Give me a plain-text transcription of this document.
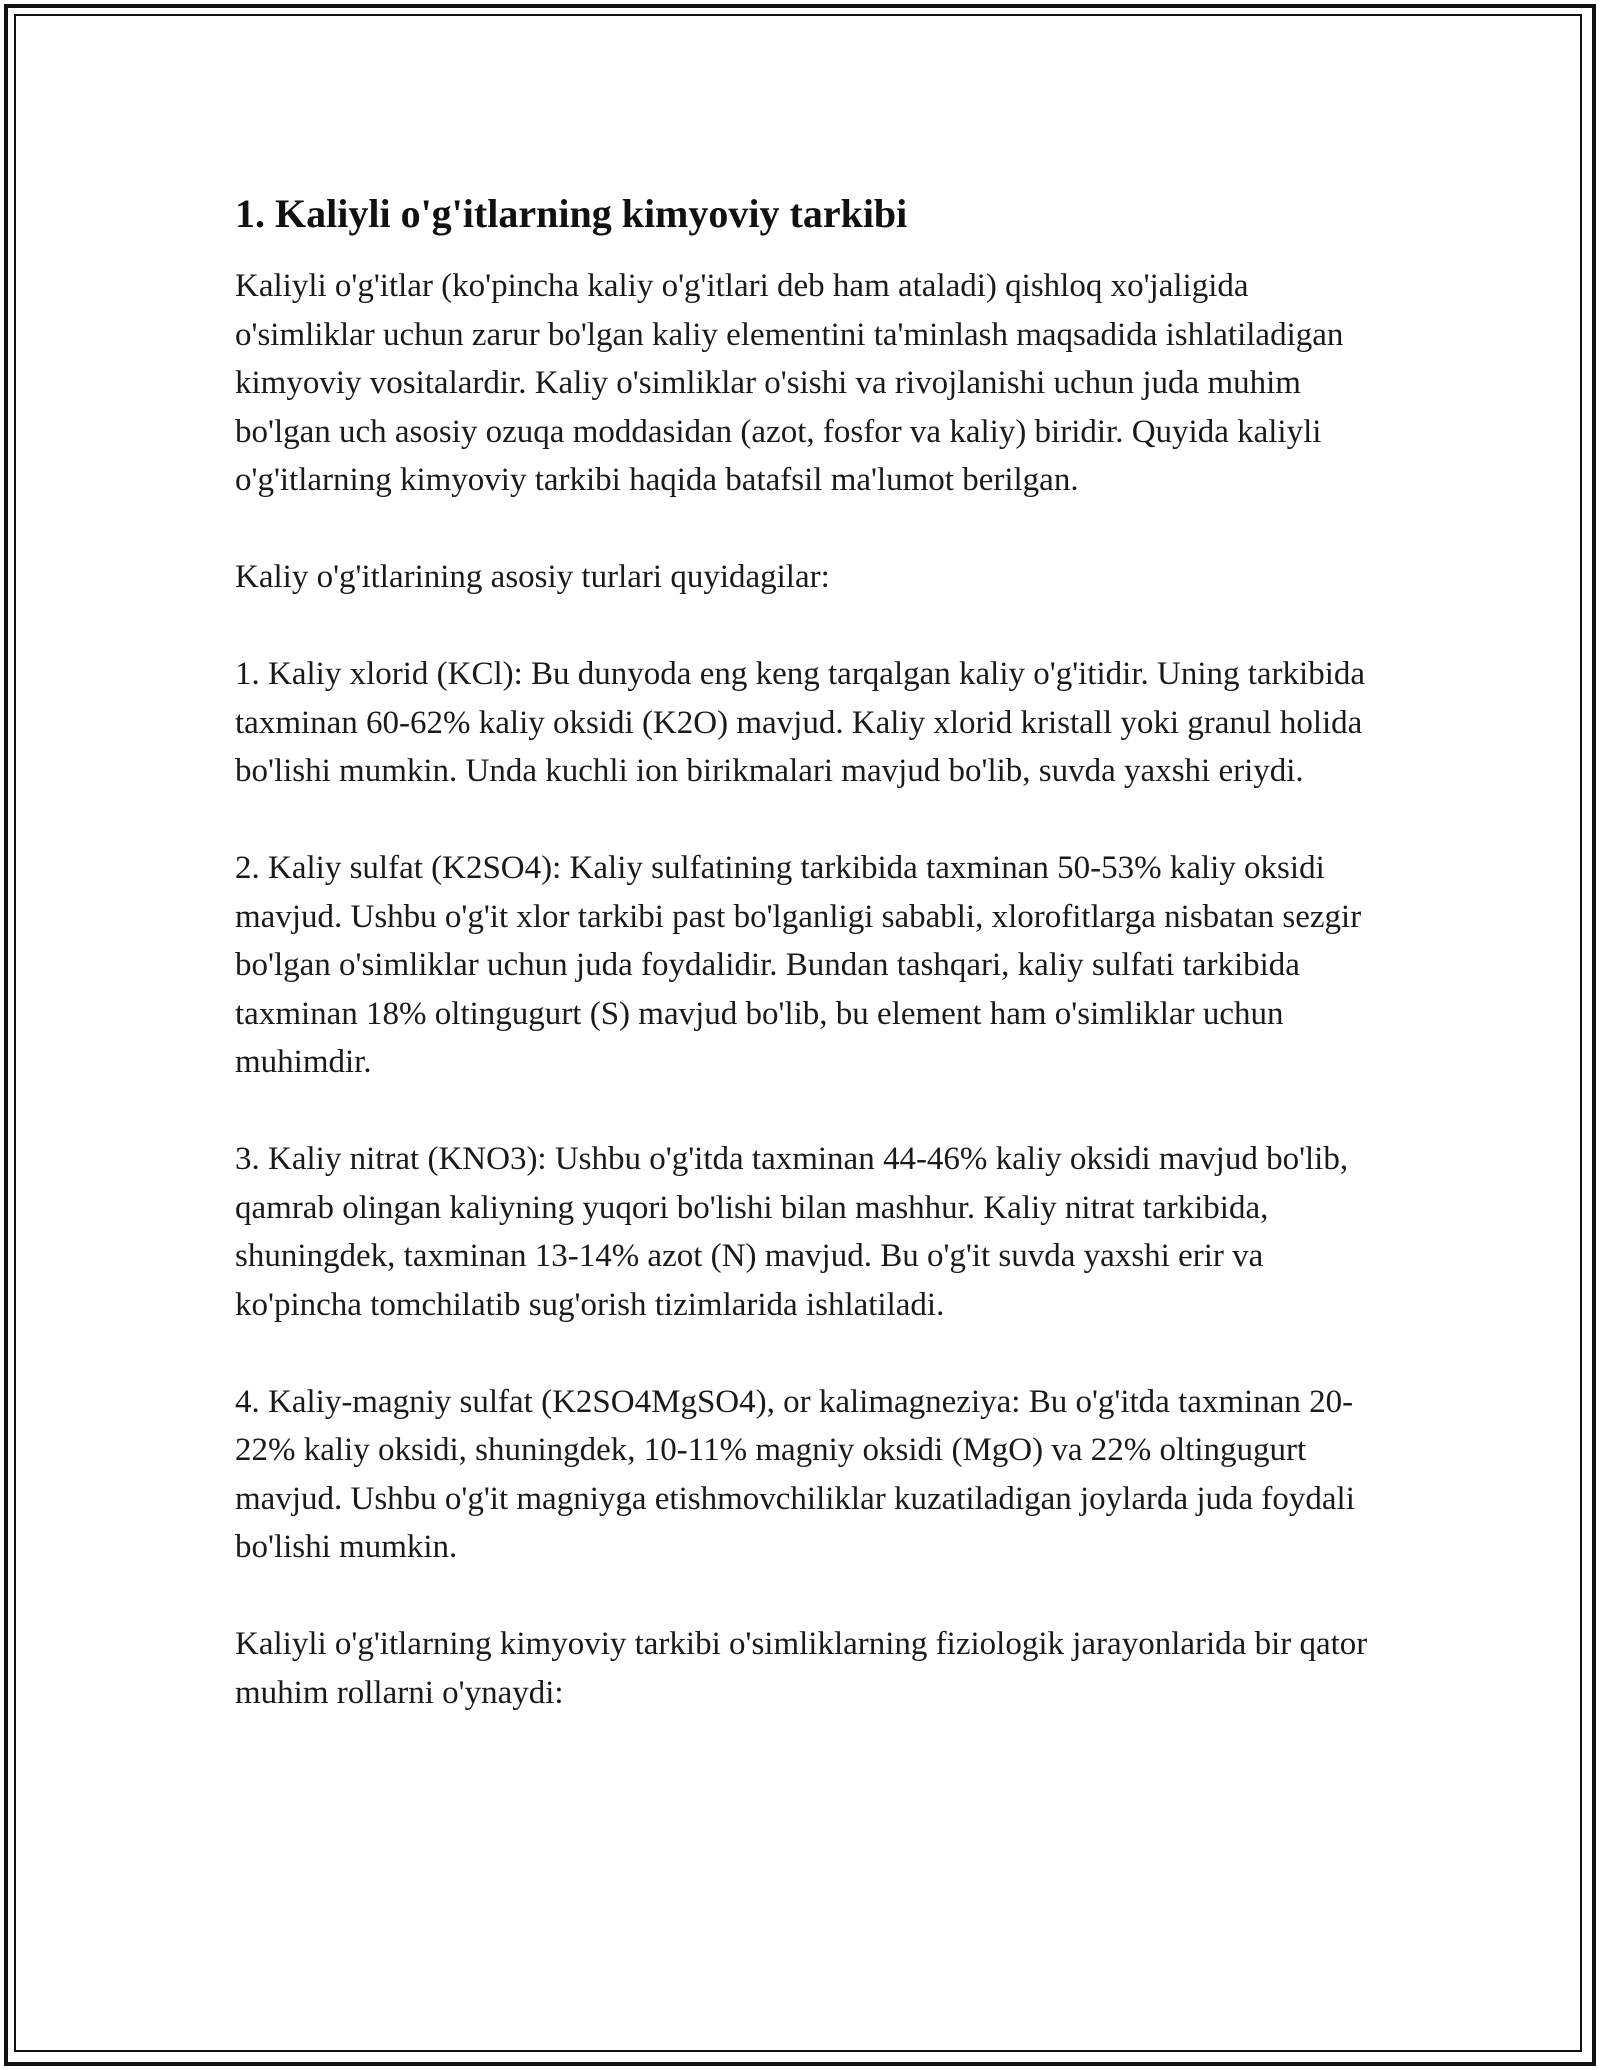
1. Kaliyli o'g'itlarning kimyoviy tarkibi

Kaliyli o'g'itlar (ko'pincha kaliy o'g'itlari deb ham ataladi) qishloq xo'jaligida o'simliklar uchun zarur bo'lgan kaliy elementini ta'minlash maqsadida ishlatiladigan kimyoviy vositalardir. Kaliy o'simliklar o'sishi va rivojlanishi uchun juda muhim bo'lgan uch asosiy ozuqa moddasidan (azot, fosfor va kaliy) biridir. Quyida kaliyli o'g'itlarning kimyoviy tarkibi haqida batafsil ma'lumot berilgan.

Kaliy o'g'itlarining asosiy turlari quyidagilar:

1. Kaliy xlorid (KCl): Bu dunyoda eng keng tarqalgan kaliy o'g'itidir. Uning tarkibida taxminan 60-62% kaliy oksidi (K2O) mavjud. Kaliy xlorid kristall yoki granul holida bo'lishi mumkin. Unda kuchli ion birikmalari mavjud bo'lib, suvda yaxshi eriydi.

2. Kaliy sulfat (K2SO4): Kaliy sulfatining tarkibida taxminan 50-53% kaliy oksidi mavjud. Ushbu o'g'it xlor tarkibi past bo'lganligi sababli, xlorofitlarga nisbatan sezgir bo'lgan o'simliklar uchun juda foydalidir. Bundan tashqari, kaliy sulfati tarkibida taxminan 18% oltingugurt (S) mavjud bo'lib, bu element ham o'simliklar uchun muhimdir.

3. Kaliy nitrat (KNO3): Ushbu o'g'itda taxminan 44-46% kaliy oksidi mavjud bo'lib, qamrab olingan kaliyning yuqori bo'lishi bilan mashhur. Kaliy nitrat tarkibida, shuningdek, taxminan 13-14% azot (N) mavjud. Bu o'g'it suvda yaxshi erir va ko'pincha tomchilatib sug'orish tizimlarida ishlatiladi.

4. Kaliy-magniy sulfat (K2SO4MgSO4), or kalimagneziya: Bu o'g'itda taxminan 20-22% kaliy oksidi, shuningdek, 10-11% magniy oksidi (MgO) va 22% oltingugurt mavjud. Ushbu o'g'it magniyga etishmovchiliklar kuzatiladigan joylarda juda foydali bo'lishi mumkin.

Kaliyli o'g'itlarning kimyoviy tarkibi o'simliklarning fiziologik jarayonlarida bir qator muhim rollarni o'ynaydi:
